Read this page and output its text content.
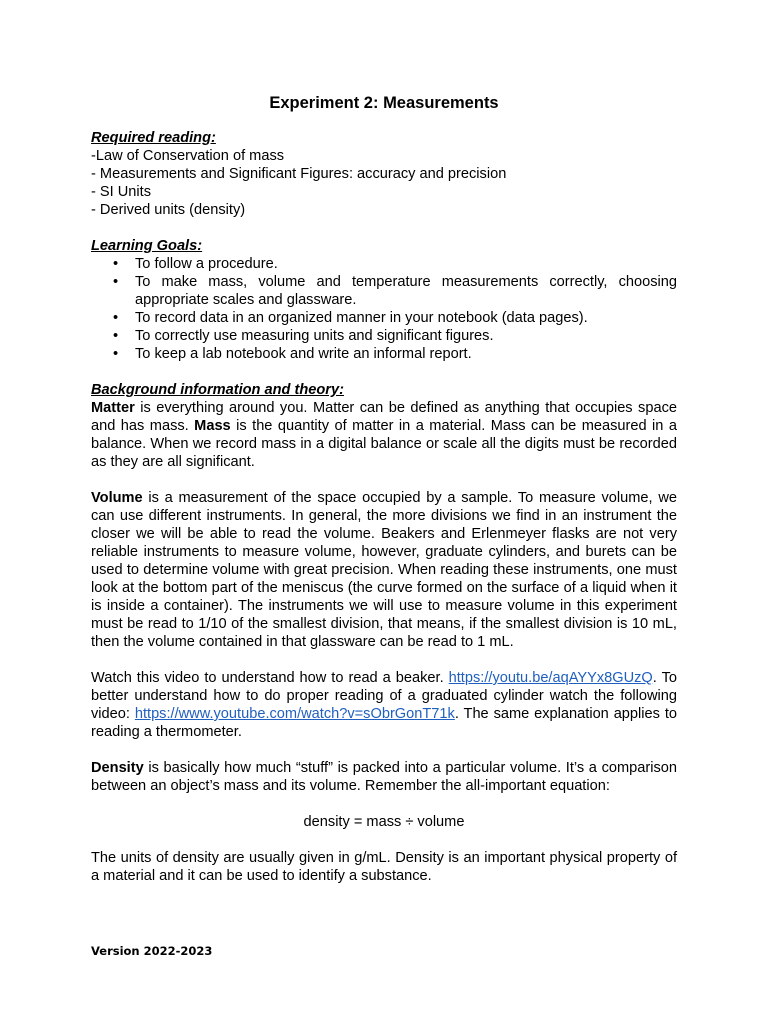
Experiment 2: Measurements
Required reading:
-Law of Conservation of mass
- Measurements and Significant Figures: accuracy and precision
- SI Units
- Derived units (density)
Learning Goals:
• To follow a procedure.
• To make mass, volume and temperature measurements correctly, choosing appropriate scales and glassware.
• To record data in an organized manner in your notebook (data pages).
• To correctly use measuring units and significant figures.
• To keep a lab notebook and write an informal report.
Background information and theory:

Matter is everything around you. Matter can be defined as anything that occupies space and has mass. Mass is the quantity of matter in a material. Mass can be measured in a balance. When we record mass in a digital balance or scale all the digits must be recorded as they are all significant.

Volume is a measurement of the space occupied by a sample. To measure volume, we can use different instruments. In general, the more divisions we find in an instrument the closer we will be able to read the volume. Beakers and Erlenmeyer flasks are not very reliable instruments to measure volume, however, graduate cylinders, and burets can be used to determine volume with great precision. When reading these instruments, one must look at the bottom part of the meniscus (the curve formed on the surface of a liquid when it is inside a container). The instruments we will use to measure volume in this experiment must be read to 1/10 of the smallest division, that means, if the smallest division is 10 mL, then the volume contained in that glassware can be read to 1 mL.

Watch this video to understand how to read a beaker. https://youtu.be/aqAYYx8GUzQ. To better understand how to do proper reading of a graduated cylinder watch the following video: https://www.youtube.com/watch?v=sObrGonT71k. The same explanation applies to reading a thermometer.

Density is basically how much “stuff” is packed into a particular volume. It’s a comparison between an object’s mass and its volume. Remember the all-important equation:

density = mass ÷ volume

The units of density are usually given in g/mL. Density is an important physical property of a material and it can be used to identify a substance.

Version 2022-2023
